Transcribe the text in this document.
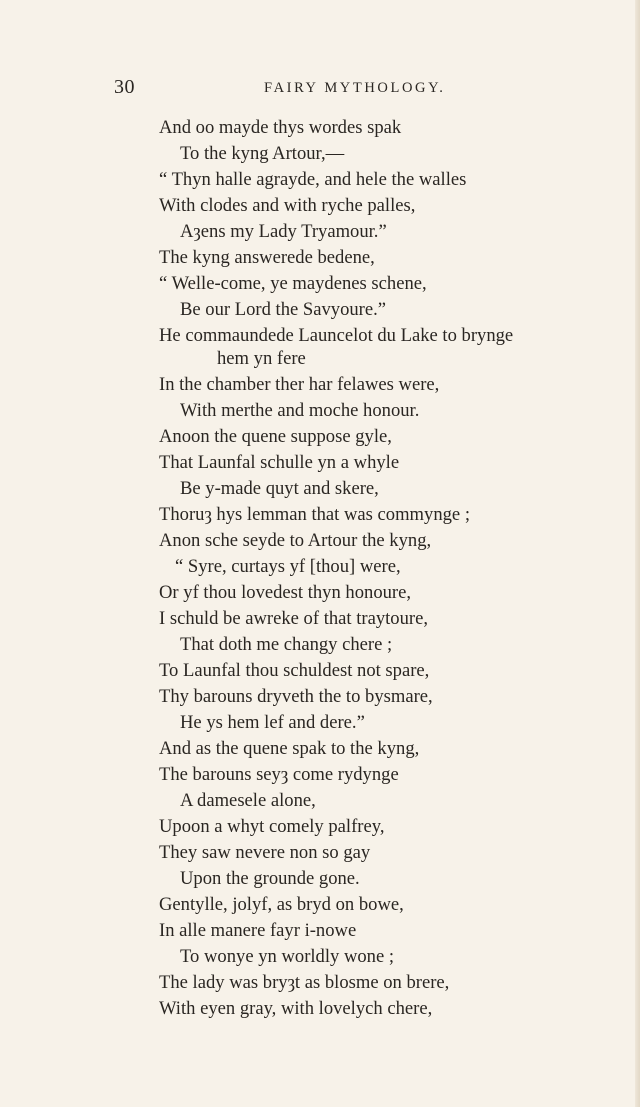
30	FAIRY MYTHOLOGY.
And oo mayde thys wordes spak
To the kyng Artour,—
“ Thyn halle agrayde, and hele the walles
With clodes and with ryche palles,
Aȝens my Lady Tryamour.”
The kyng answerede bedene,
“ Welle-come, ye maydenes schene,
Be our Lord the Savyoure.”
He commaundede Launcelot du Lake to brynge
hem yn fere
In the chamber ther har felawes were,
With merthe and moche honour.
Anoon the quene suppose gyle,
That Launfal schulle yn a whyle
Be y-made quyt and skere,
Thoruȝ hys lemman that was commynge ;
Anon sche seyde to Artour the kyng,
“ Syre, curtays yf [thou] were,
Or yf thou lovedest thyn honoure,
I schuld be awreke of that traytoure,
That doth me changy chere ;
To Launfal thou schuldest not spare,
Thy barouns dryveth the to bysmare,
He ys hem lef and dere.”
And as the quene spak to the kyng,
The barouns seyȝ come rydynge
A damesele alone,
Upoon a whyt comely palfrey,
They saw nevere non so gay
Upon the grounde gone.
Gentylle, jolyf, as bryd on bowe,
In alle manere fayr i-nowe
To wonye yn worldly wone ;
The lady was bryȝt as blosme on brere,
With eyen gray, with lovelych chere,
